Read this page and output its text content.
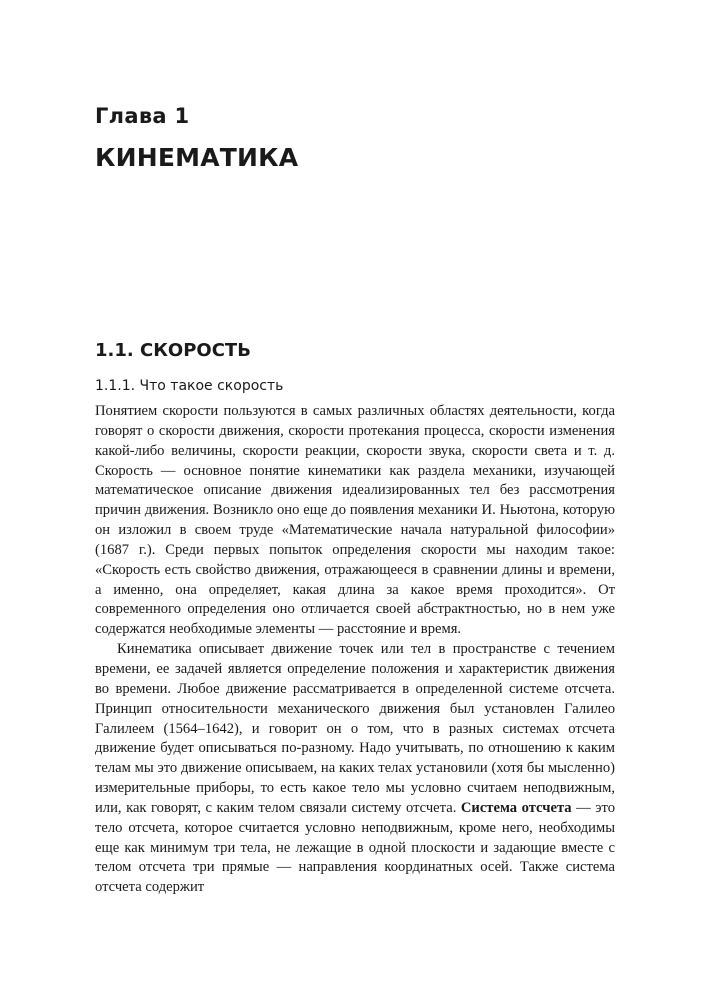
Глава 1
КИНЕМАТИКА
1.1. СКОРОСТЬ
1.1.1. Что такое скорость

Понятием скорости пользуются в самых различных областях деятельности, когда говорят о скорости движения, скорости протекания процесса, скорости изменения какой-либо величины, скорости реакции, скорости звука, скорости света и т. д. Скорость — основное понятие кинематики как раздела механики, изучающей математическое описание движения идеализированных тел без рассмотрения причин движения. Возникло оно еще до появления механики И. Ньютона, которую он изложил в своем труде «Математические начала натуральной философии» (1687 г.). Среди первых попыток определения скорости мы находим такое: «Скорость есть свойство движения, отражающееся в сравнении длины и времени, а именно, она определяет, какая длина за какое время проходится». От современного определения оно отличается своей абстрактностью, но в нем уже содержатся необходимые элементы — расстояние и время.

Кинематика описывает движение точек или тел в пространстве с течением времени, ее задачей является определение положения и характеристик движения во времени. Любое движение рассматривается в определенной системе отсчета. Принцип относительности механического движения был установлен Галилео Галилеем (1564–1642), и говорит он о том, что в разных системах отсчета движение будет описываться по-разному. Надо учитывать, по отношению к каким телам мы это движение описываем, на каких телах установили (хотя бы мысленно) измерительные приборы, то есть какое тело мы условно считаем неподвижным, или, как говорят, с каким телом связали систему отсчета. Система отсчета — это тело отсчета, которое считается условно неподвижным, кроме него, необходимы еще как минимум три тела, не лежащие в одной плоскости и задающие вместе с телом отсчета три прямые — направления координатных осей. Также система отсчета содержит
